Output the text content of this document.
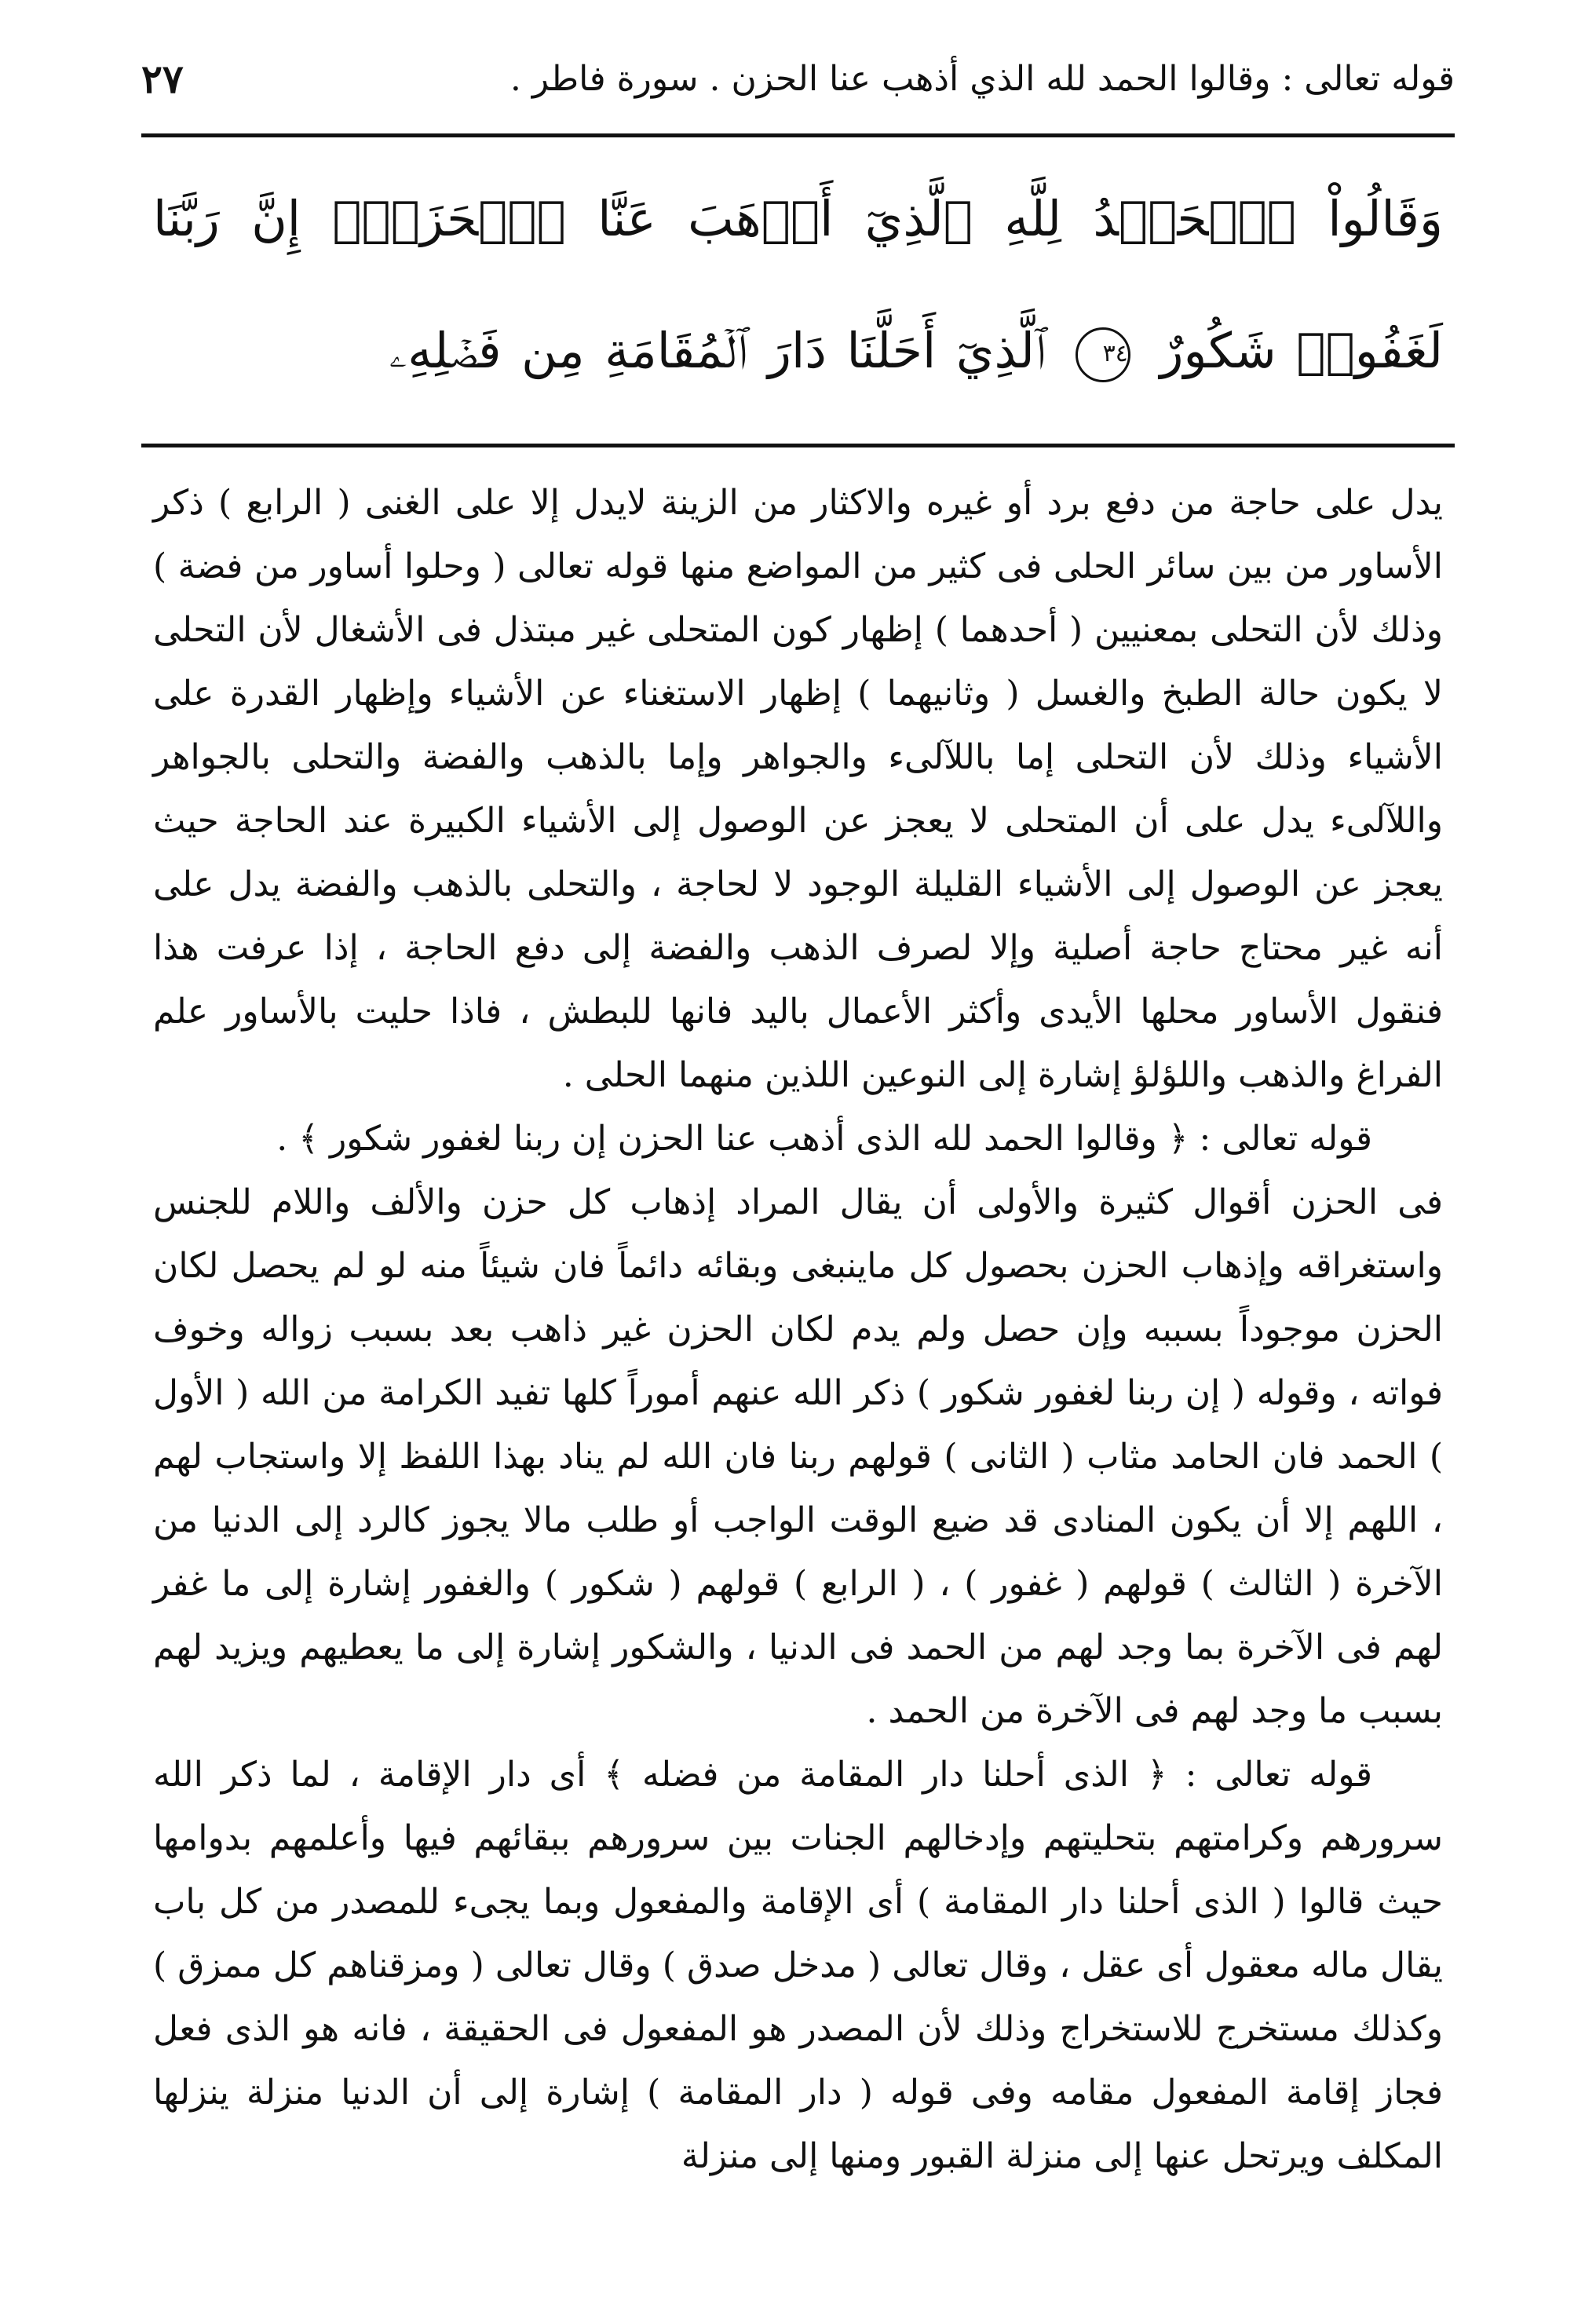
قوله تعالى : وقالوا الحمد لله الذي أذهب عنا الحزن . سورة فاطر .
٢٧
وَقَالُواْ ٱلۡحَمۡدُ لِلَّهِ ٱلَّذِيٓ أَذۡهَبَ عَنَّا ٱلۡحَزَنَۖ إِنَّ رَبَّنَا لَغَفُورٞ شَكُورٌ ٣٤ ٱلَّذِيٓ أَحَلَّنَا دَارَ ٱلۡمُقَامَةِ مِن فَضۡلِهِۦ

يدل على حاجة من دفع برد أو غيره والاكثار من الزينة لايدل إلا على الغنى ( الرابع ) ذكر الأساور من بين سائر الحلى فى كثير من المواضع منها قوله تعالى ( وحلوا أساور من فضة ) وذلك لأن التحلى بمعنيين ( أحدهما ) إظهار كون المتحلى غير مبتذل فى الأشغال لأن التحلى لا يكون حالة الطبخ والغسل ( وثانيهما ) إظهار الاستغناء عن الأشياء وإظهار القدرة على الأشياء وذلك لأن التحلى إما باللآلىء والجواهر وإما بالذهب والفضة والتحلى بالجواهر واللآلىء يدل على أن المتحلى لا يعجز عن الوصول إلى الأشياء الكبيرة عند الحاجة حيث يعجز عن الوصول إلى الأشياء القليلة الوجود لا لحاجة ، والتحلى بالذهب والفضة يدل على أنه غير محتاج حاجة أصلية وإلا لصرف الذهب والفضة إلى دفع الحاجة ، إذا عرفت هذا فنقول الأساور محلها الأيدى وأكثر الأعمال باليد فانها للبطش ، فاذا حليت بالأساور علم الفراغ والذهب واللؤلؤ إشارة إلى النوعين اللذين منهما الحلى .

قوله تعالى : ﴿ وقالوا الحمد لله الذى أذهب عنا الحزن إن ربنا لغفور شكور ﴾ .

فى الحزن أقوال كثيرة والأولى أن يقال المراد إذهاب كل حزن والألف واللام للجنس واستغراقه وإذهاب الحزن بحصول كل ماينبغى وبقائه دائماً فان شيئاً منه لو لم يحصل لكان الحزن موجوداً بسببه وإن حصل ولم يدم لكان الحزن غير ذاهب بعد بسبب زواله وخوف فواته ، وقوله ( إن ربنا لغفور شكور ) ذكر الله عنهم أموراً كلها تفيد الكرامة من الله ( الأول ) الحمد فان الحامد مثاب ( الثانى ) قولهم ربنا فان الله لم يناد بهذا اللفظ إلا واستجاب لهم ، اللهم إلا أن يكون المنادى قد ضيع الوقت الواجب أو طلب مالا يجوز كالرد إلى الدنيا من الآخرة ( الثالث ) قولهم ( غفور ) ، ( الرابع ) قولهم ( شكور ) والغفور إشارة إلى ما غفر لهم فى الآخرة بما وجد لهم من الحمد فى الدنيا ، والشكور إشارة إلى ما يعطيهم ويزيد لهم بسبب ما وجد لهم فى الآخرة من الحمد .

قوله تعالى : ﴿ الذى أحلنا دار المقامة من فضله ﴾ أى دار الإقامة ، لما ذكر الله سرورهم وكرامتهم بتحليتهم وإدخالهم الجنات بين سرورهم ببقائهم فيها وأعلمهم بدوامها حيث قالوا ( الذى أحلنا دار المقامة ) أى الإقامة والمفعول وبما يجىء للمصدر من كل باب يقال ماله معقول أى عقل ، وقال تعالى ( مدخل صدق ) وقال تعالى ( ومزقناهم كل ممزق ) وكذلك مستخرج للاستخراج وذلك لأن المصدر هو المفعول فى الحقيقة ، فانه هو الذى فعل فجاز إقامة المفعول مقامه وفى قوله ( دار المقامة ) إشارة إلى أن الدنيا منزلة ينزلها المكلف ويرتحل عنها إلى منزلة القبور ومنها إلى منزلة
